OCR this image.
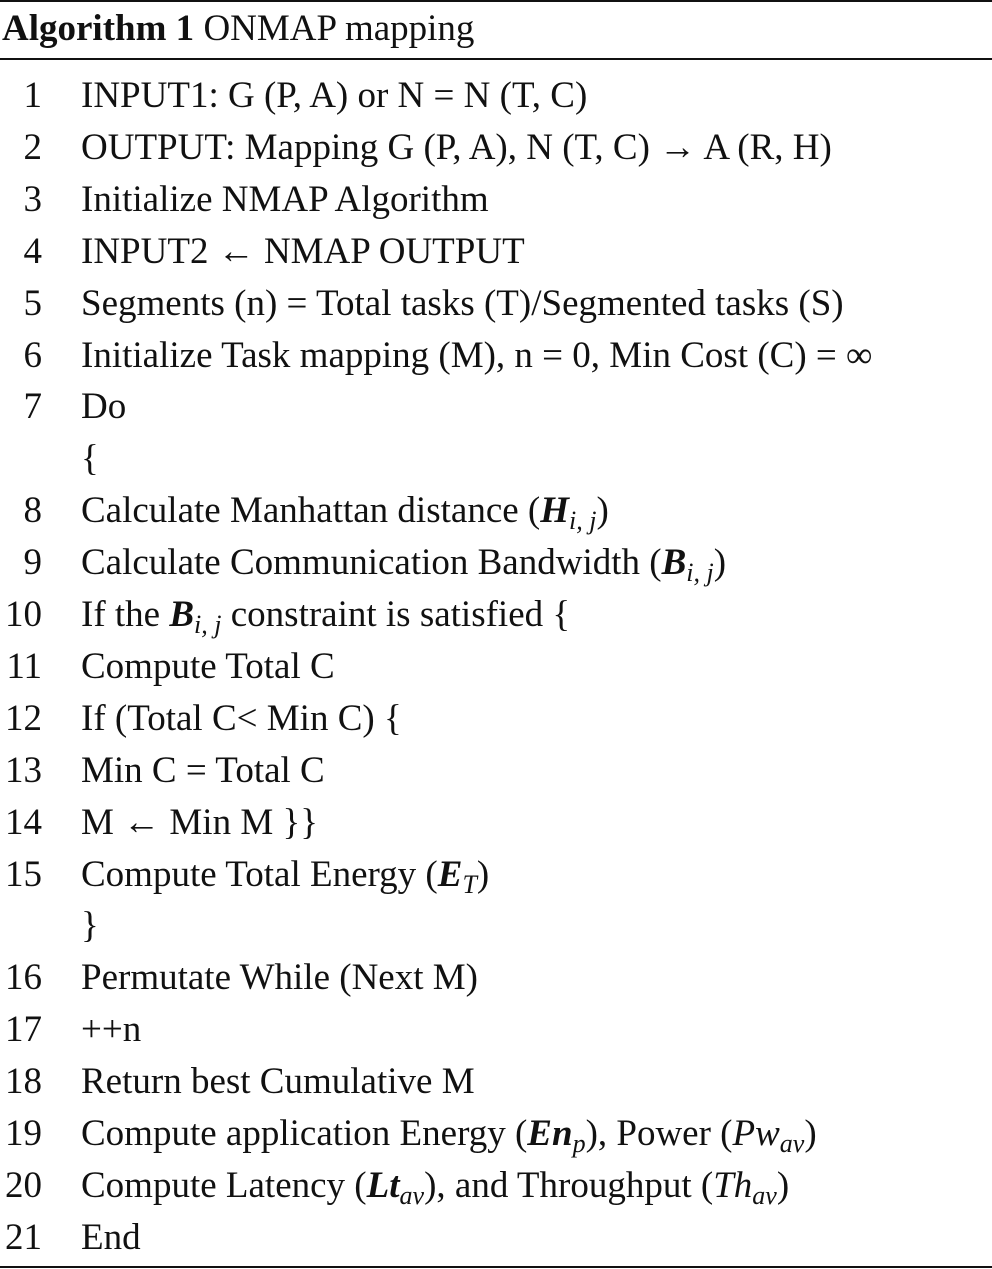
Algorithm 1 ONMAP mapping
1 INPUT1: G (P, A) or N = N (T, C)
2 OUTPUT: Mapping G (P, A), N (T, C) → A (R, H)
3 Initialize NMAP Algorithm
4 INPUT2 ← NMAP OUTPUT
5 Segments (n) = Total tasks (T)/Segmented tasks (S)
6 Initialize Task mapping (M), n = 0, Min Cost (C) = ∞
7 Do
{
8 Calculate Manhattan distance $(H_{i, j})$
9 Calculate Communication Bandwidth $(B_{i, j})$
10 If the $B_{i, j}$ constraint is satisfied {
11 Compute Total C
12 If (Total C< Min C) {
13 Min C = Total C
14 M ← Min M }}
15 Compute Total Energy $(E_T)$
}
16 Permutate While (Next M)
17 ++n
18 Return best Cumulative M
19 Compute application Energy $(En_p)$, Power $(Pw_{av})$
20 Compute Latency $(Lt_{av})$, and Throughput $(Th_{av})$
21 End
